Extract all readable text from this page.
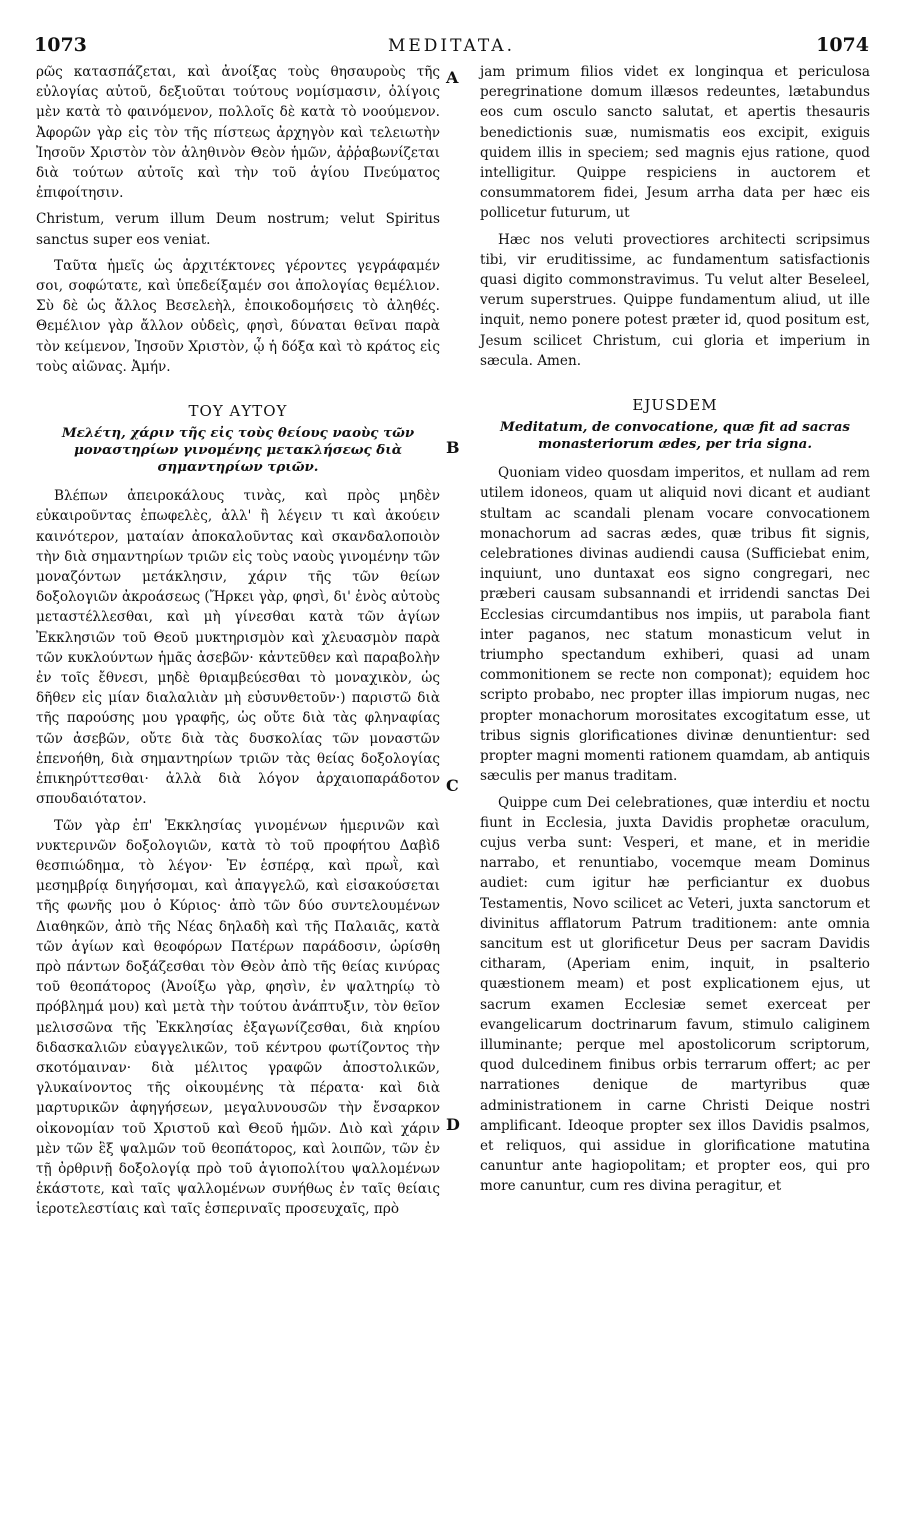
1073	MEDITATA.	1074
A
B
C
D

ρῶς κατασπάζεται, καὶ ἀνοίξας τοὺς θησαυροὺς τῆς εὐλογίας αὐτοῦ, δεξιοῦται τούτους νομίσμασιν, ὀλίγοις μὲν κατὰ τὸ φαινόμενον, πολλοῖς δὲ κατὰ τὸ νοούμενον. Ἀφορῶν γὰρ εἰς τὸν τῆς πίστεως ἀρχηγὸν καὶ τελειωτὴν Ἰησοῦν Χριστὸν τὸν ἀληθινὸν Θεὸν ἡμῶν, ἀῤῥαβωνίζεται διὰ τούτων αὐτοῖς καὶ τὴν τοῦ ἁγίου Πνεύματος ἐπιφοίτησιν.

Christum, verum illum Deum nostrum; velut Spiritus sanctus super eos veniat.

Ταῦτα ἡμεῖς ὡς ἀρχιτέκτονες γέροντες γεγράφαμέν σοι, σοφώτατε, καὶ ὑπεδείξαμέν σοι ἀπολογίας θεμέλιον. Σὺ δὲ ὡς ἄλλος Βεσελεὴλ, ἐποικοδομήσεις τὸ ἀληθές. Θεμέλιον γὰρ ἄλλον οὐδεὶς, φησὶ, δύναται θεῖναι παρὰ τὸν κείμενον, Ἰησοῦν Χριστὸν, ᾧ ἡ δόξα καὶ τὸ κράτος εἰς τοὺς αἰῶνας. Ἀμήν.

ΤΟΥ ΑΥΤΟΥ
Μελέτη, χάριν τῆς εἰς τοὺς θείους ναοὺς τῶν μοναστηρίων γινομένης μετακλήσεως διὰ σημαντηρίων τριῶν.

Βλέπων ἀπειροκάλους τινὰς, καὶ πρὸς μηδὲν εὐκαιροῦντας ἐπωφελὲς, ἀλλ' ἢ λέγειν τι καὶ ἀκούειν καινότερον, ματαίαν ἀποκαλοῦντας καὶ σκανδαλοποιὸν τὴν διὰ σημαντηρίων τριῶν εἰς τοὺς ναοὺς γινομένην τῶν μοναζόντων μετάκλησιν, χάριν τῆς τῶν θείων δοξολογιῶν ἀκροάσεως (Ἤρκει γὰρ, φησὶ, δι' ἑνὸς αὐτοὺς μεταστέλλεσθαι, καὶ μὴ γίνεσθαι κατὰ τῶν ἁγίων Ἐκκλησιῶν τοῦ Θεοῦ μυκτηρισμὸν καὶ χλευασμὸν παρὰ τῶν κυκλούντων ἡμᾶς ἀσεβῶν· κἀντεῦθεν καὶ παραβολὴν ἐν τοῖς ἔθνεσι, μηδὲ θριαμβεύεσθαι τὸ μοναχικὸν, ὡς δῆθεν εἰς μίαν διαλαλιὰν μὴ εὐσυνθετοῦν·) παριστῶ διὰ τῆς παρούσης μου γραφῆς, ὡς οὔτε διὰ τὰς φληναφίας τῶν ἀσεβῶν, οὔτε διὰ τὰς δυσκολίας τῶν μοναστῶν ἐπενοήθη, διὰ σημαντηρίων τριῶν τὰς θείας δοξολογίας ἐπικηρύττεσθαι· ἀλλὰ διὰ λόγον ἀρχαιοπαράδοτον σπουδαιότατον.

Τῶν γὰρ ἐπ' Ἐκκλησίας γινομένων ἡμερινῶν καὶ νυκτερινῶν δοξολογιῶν, κατὰ τὸ τοῦ προφήτου Δαβὶδ θεσπιώδημα, τὸ λέγον· Ἐν ἑσπέρᾳ, καὶ πρωῒ, καὶ μεσημβρίᾳ διηγήσομαι, καὶ ἀπαγγελῶ, καὶ εἰσακούσεται τῆς φωνῆς μου ὁ Κύριος· ἀπὸ τῶν δύο συντελουμένων Διαθηκῶν, ἀπὸ τῆς Νέας δηλαδὴ καὶ τῆς Παλαιᾶς, κατὰ τῶν ἁγίων καὶ θεοφόρων Πατέρων παράδοσιν, ὡρίσθη πρὸ πάντων δοξάζεσθαι τὸν Θεὸν ἀπὸ τῆς θείας κινύρας τοῦ θεοπάτορος (Ἀνοίξω γὰρ, φησὶν, ἐν ψαλτηρίῳ τὸ πρόβλημά μου) καὶ μετὰ τὴν τούτου ἀνάπτυξιν, τὸν θεῖον μελισσῶνα τῆς Ἐκκλησίας ἐξαγωνίζεσθαι, διὰ κηρίου διδασκαλιῶν εὐαγγελικῶν, τοῦ κέντρου φωτίζοντος τὴν σκοτόμαιναν· διὰ μέλιτος γραφῶν ἀποστολικῶν, γλυκαίνοντος τῆς οἰκουμένης τὰ πέρατα· καὶ διὰ μαρτυρικῶν ἀφηγήσεων, μεγαλυνουσῶν τὴν ἔνσαρκον οἰκονομίαν τοῦ Χριστοῦ καὶ Θεοῦ ἡμῶν. Διὸ καὶ χάριν μὲν τῶν ἓξ ψαλμῶν τοῦ θεοπάτορος, καὶ λοιπῶν, τῶν ἐν τῇ ὀρθρινῇ δοξολογίᾳ πρὸ τοῦ ἁγιοπολίτου ψαλλομένων ἑκάστοτε, καὶ ταῖς ψαλλομένων συνήθως ἐν ταῖς θείαις ἱεροτελεστίαις καὶ ταῖς ἑσπεριναῖς προσευχαῖς, πρὸ

jam primum filios videt ex longinqua et periculosa peregrinatione domum illæsos redeuntes, lætabundus eos cum osculo sancto salutat, et apertis thesauris benedictionis suæ, numismatis eos excipit, exiguis quidem illis in speciem; sed magnis ejus ratione, quod intelligitur. Quippe respiciens in auctorem et consummatorem fidei, Jesum arrha data per hæc eis pollicetur futurum, ut

Hæc nos veluti provectiores architecti scripsimus tibi, vir eruditissime, ac fundamentum satisfactionis quasi digito commonstravimus. Tu velut alter Beseleel, verum superstrues. Quippe fundamentum aliud, ut ille inquit, nemo ponere potest præter id, quod positum est, Jesum scilicet Christum, cui gloria et imperium in sæcula. Amen.

EJUSDEM
Meditatum, de convocatione, quæ fit ad sacras monasteriorum ædes, per tria signa.

Quoniam video quosdam imperitos, et nullam ad rem utilem idoneos, quam ut aliquid novi dicant et audiant stultam ac scandali plenam vocare convocationem monachorum ad sacras ædes, quæ tribus fit signis, celebrationes divinas audiendi causa (Sufficiebat enim, inquiunt, uno duntaxat eos signo congregari, nec præberi causam subsannandi et irridendi sanctas Dei Ecclesias circumdantibus nos impiis, ut parabola fiant inter paganos, nec statum monasticum velut in triumpho spectandum exhiberi, quasi ad unam commonitionem se recte non componat); equidem hoc scripto probabo, nec propter illas impiorum nugas, nec propter monachorum morositates excogitatum esse, ut tribus signis glorificationes divinæ denuntientur: sed propter magni momenti rationem quamdam, ab antiquis sæculis per manus traditam.

Quippe cum Dei celebrationes, quæ interdiu et noctu fiunt in Ecclesia, juxta Davidis prophetæ oraculum, cujus verba sunt: Vesperi, et mane, et in meridie narrabo, et renuntiabo, vocemque meam Dominus audiet: cum igitur hæ perficiantur ex duobus Testamentis, Novo scilicet ac Veteri, juxta sanctorum et divinitus afflatorum Patrum traditionem: ante omnia sancitum est ut glorificetur Deus per sacram Davidis citharam, (Aperiam enim, inquit, in psalterio quæstionem meam) et post explicationem ejus, ut sacrum examen Ecclesiæ semet exerceat per evangelicarum doctrinarum favum, stimulo caliginem illuminante; perque mel apostolicorum scriptorum, quod dulcedinem finibus orbis terrarum offert; ac per narrationes denique de martyribus quæ administrationem in carne Christi Deique nostri amplificant. Ideoque propter sex illos Davidis psalmos, et reliquos, qui assidue in glorificatione matutina canuntur ante hagiopolitam; et propter eos, qui pro more canuntur, cum res divina peragitur, et
